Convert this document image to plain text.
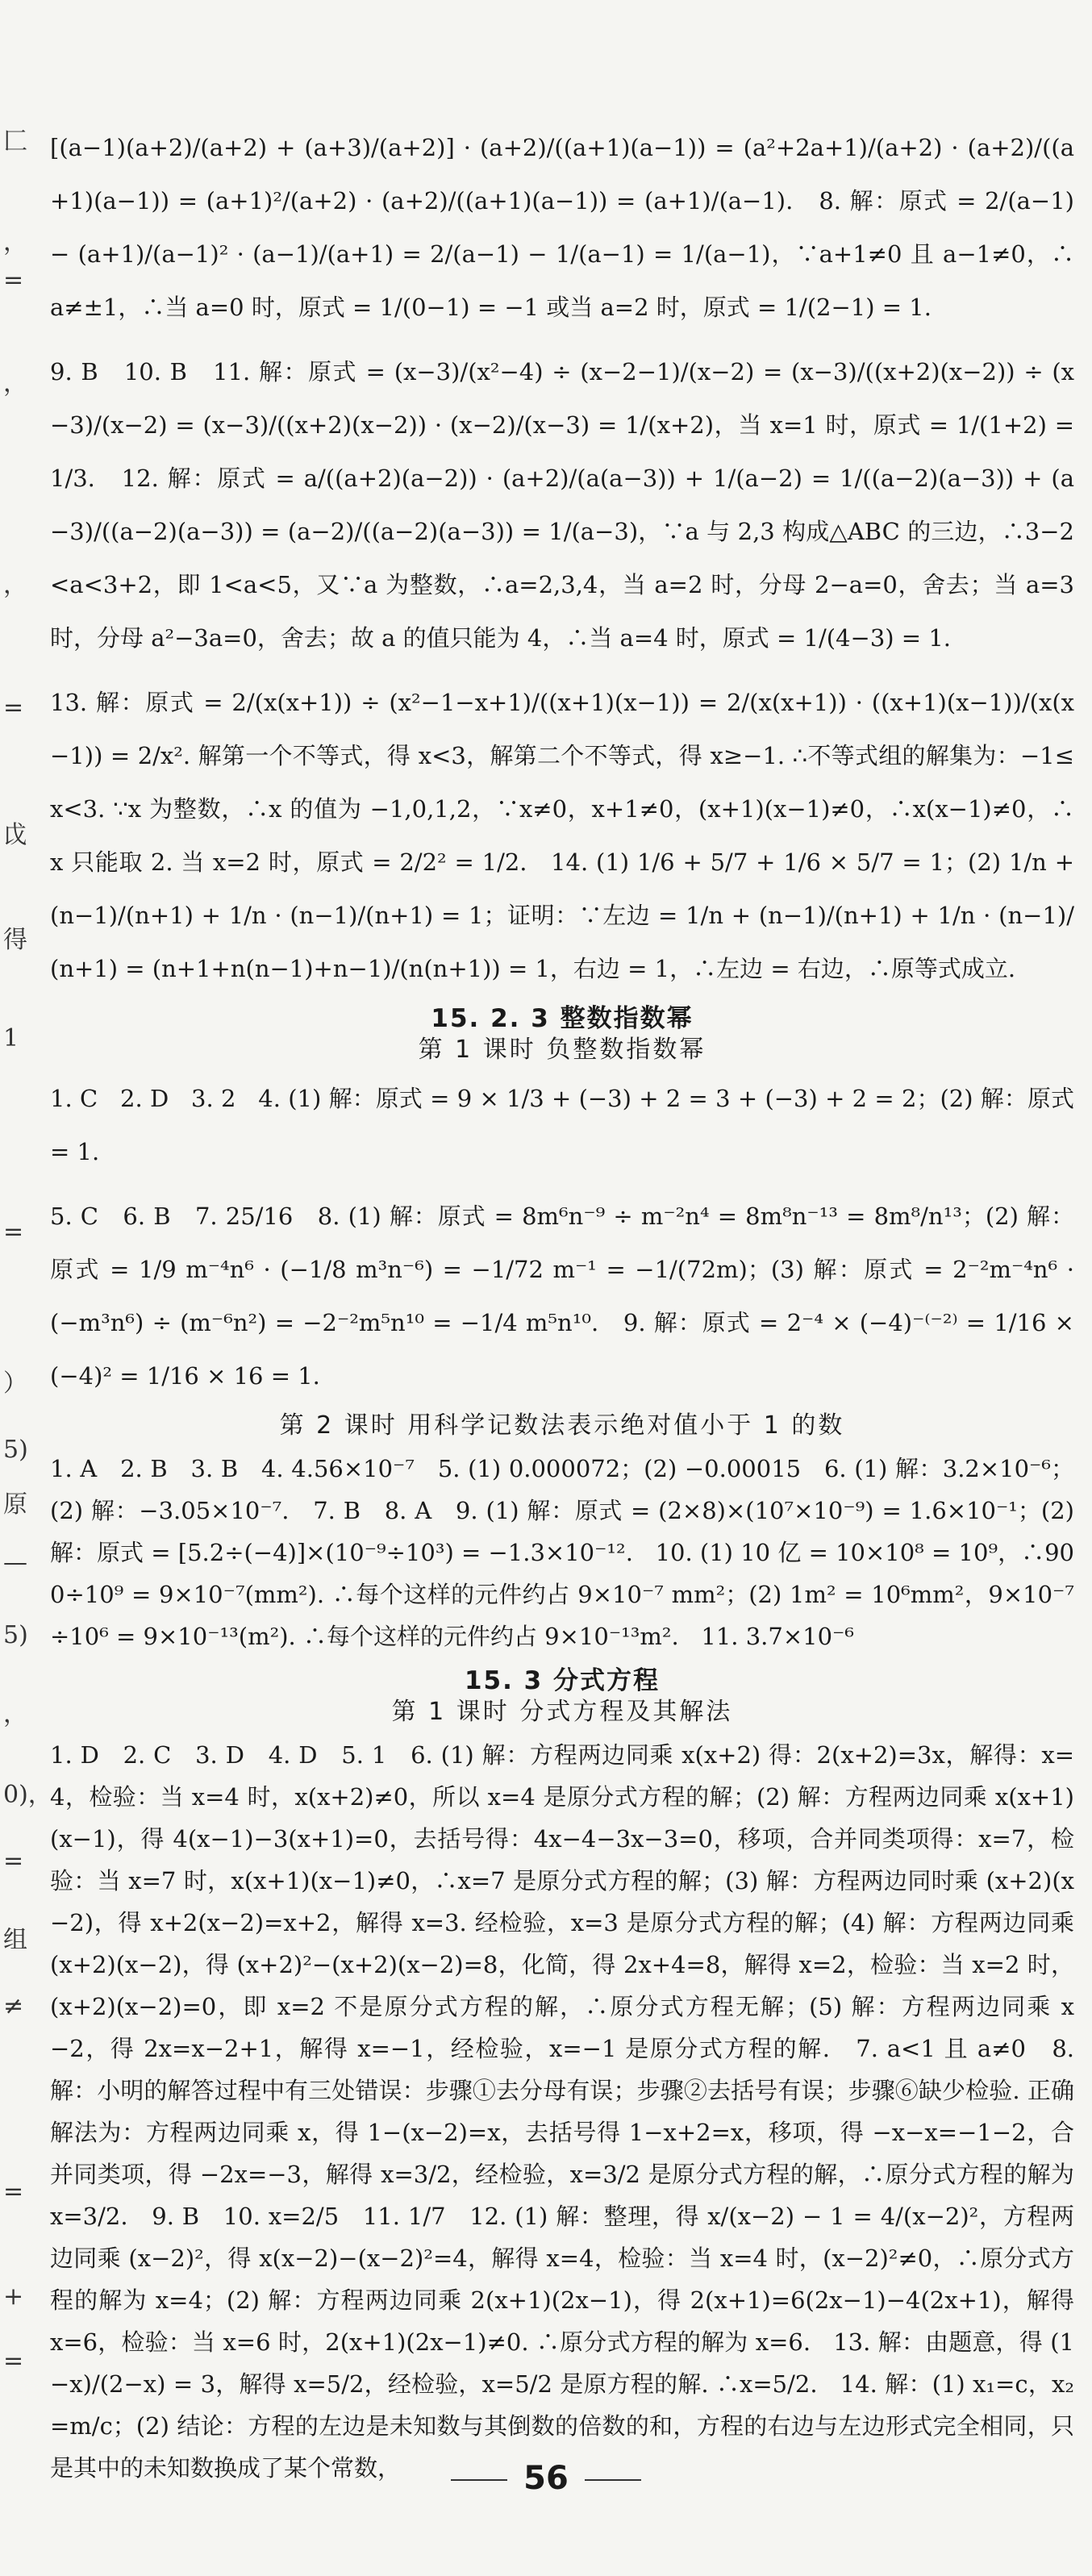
匚
，
=
，
，
=
戉
得
1
=
）
5)
原
—
5)
，
0)，
=
组
≠
=
+
=

[(a−1)(a+2)/(a+2) + (a+3)/(a+2)] · (a+2)/((a+1)(a−1)) = (a²+2a+1)/(a+2) · (a+2)/((a+1)(a−1)) = (a+1)²/(a+2) · (a+2)/((a+1)(a−1)) = (a+1)/(a−1).   8. 解：原式 = 2/(a−1) − (a+1)/(a−1)² · (a−1)/(a+1) = 2/(a−1) − 1/(a−1) = 1/(a−1)，∵a+1≠0 且 a−1≠0，∴a≠±1，∴当 a=0 时，原式 = 1/(0−1) = −1 或当 a=2 时，原式 = 1/(2−1) = 1.

9. B   10. B   11. 解：原式 = (x−3)/(x²−4) ÷ (x−2−1)/(x−2) = (x−3)/((x+2)(x−2)) ÷ (x−3)/(x−2) = (x−3)/((x+2)(x−2)) · (x−2)/(x−3) = 1/(x+2)，当 x=1 时，原式 = 1/(1+2) = 1/3.   12. 解：原式 = a/((a+2)(a−2)) · (a+2)/(a(a−3)) + 1/(a−2) = 1/((a−2)(a−3)) + (a−3)/((a−2)(a−3)) = (a−2)/((a−2)(a−3)) = 1/(a−3)，∵a 与 2,3 构成△ABC 的三边，∴3−2<a<3+2，即 1<a<5，又∵a 为整数，∴a=2,3,4，当 a=2 时，分母 2−a=0，舍去；当 a=3 时，分母 a²−3a=0，舍去；故 a 的值只能为 4，∴当 a=4 时，原式 = 1/(4−3) = 1.

13. 解：原式 = 2/(x(x+1)) ÷ (x²−1−x+1)/((x+1)(x−1)) = 2/(x(x+1)) · ((x+1)(x−1))/(x(x−1)) = 2/x². 解第一个不等式，得 x<3，解第二个不等式，得 x≥−1. ∴不等式组的解集为：−1≤x<3. ∵x 为整数，∴x 的值为 −1,0,1,2，∵x≠0，x+1≠0，(x+1)(x−1)≠0，∴x(x−1)≠0，∴x 只能取 2. 当 x=2 时，原式 = 2/2² = 1/2.   14. (1) 1/6 + 5/7 + 1/6 × 5/7 = 1；(2) 1/n + (n−1)/(n+1) + 1/n · (n−1)/(n+1) = 1；证明：∵左边 = 1/n + (n−1)/(n+1) + 1/n · (n−1)/(n+1) = (n+1+n(n−1)+n−1)/(n(n+1)) = 1，右边 = 1，∴左边 = 右边，∴原等式成立.

15. 2. 3 整数指数幂
第 1 课时 负整数指数幂

1. C   2. D   3. 2   4. (1) 解：原式 = 9 × 1/3 + (−3) + 2 = 3 + (−3) + 2 = 2；(2) 解：原式 = 1.

5. C   6. B   7. 25/16   8. (1) 解：原式 = 8m⁶n⁻⁹ ÷ m⁻²n⁴ = 8m⁸n⁻¹³ = 8m⁸/n¹³；(2) 解：原式 = 1/9 m⁻⁴n⁶ · (−1/8 m³n⁻⁶) = −1/72 m⁻¹ = −1/(72m)；(3) 解：原式 = 2⁻²m⁻⁴n⁶ · (−m³n⁶) ÷ (m⁻⁶n²) = −2⁻²m⁵n¹⁰ = −1/4 m⁵n¹⁰.   9. 解：原式 = 2⁻⁴ × (−4)⁻⁽⁻²⁾ = 1/16 × (−4)² = 1/16 × 16 = 1.

第 2 课时 用科学记数法表示绝对值小于 1 的数

1. A   2. B   3. B   4. 4.56×10⁻⁷   5. (1) 0.000072；(2) −0.00015   6. (1) 解：3.2×10⁻⁶；(2) 解：−3.05×10⁻⁷.   7. B   8. A   9. (1) 解：原式 = (2×8)×(10⁷×10⁻⁹) = 1.6×10⁻¹；(2) 解：原式 = [5.2÷(−4)]×(10⁻⁹÷10³) = −1.3×10⁻¹².   10. (1) 10 亿 = 10×10⁸ = 10⁹，∴900÷10⁹ = 9×10⁻⁷(mm²). ∴每个这样的元件约占 9×10⁻⁷ mm²；(2) 1m² = 10⁶mm²，9×10⁻⁷÷10⁶ = 9×10⁻¹³(m²). ∴每个这样的元件约占 9×10⁻¹³m².   11. 3.7×10⁻⁶

15. 3 分式方程
第 1 课时 分式方程及其解法

1. D   2. C   3. D   4. D   5. 1   6. (1) 解：方程两边同乘 x(x+2) 得：2(x+2)=3x，解得：x=4，检验：当 x=4 时，x(x+2)≠0，所以 x=4 是原分式方程的解；(2) 解：方程两边同乘 x(x+1)(x−1)，得 4(x−1)−3(x+1)=0，去括号得：4x−4−3x−3=0，移项，合并同类项得：x=7，检验：当 x=7 时，x(x+1)(x−1)≠0，∴x=7 是原分式方程的解；(3) 解：方程两边同时乘 (x+2)(x−2)，得 x+2(x−2)=x+2，解得 x=3. 经检验，x=3 是原分式方程的解；(4) 解：方程两边同乘 (x+2)(x−2)，得 (x+2)²−(x+2)(x−2)=8，化简，得 2x+4=8，解得 x=2，检验：当 x=2 时，(x+2)(x−2)=0，即 x=2 不是原分式方程的解，∴原分式方程无解；(5) 解：方程两边同乘 x−2，得 2x=x−2+1，解得 x=−1，经检验，x=−1 是原分式方程的解.   7. a<1 且 a≠0   8. 解：小明的解答过程中有三处错误：步骤①去分母有误；步骤②去括号有误；步骤⑥缺少检验. 正确解法为：方程两边同乘 x，得 1−(x−2)=x，去括号得 1−x+2=x，移项，得 −x−x=−1−2，合并同类项，得 −2x=−3，解得 x=3/2，经检验，x=3/2 是原分式方程的解，∴原分式方程的解为 x=3/2.   9. B   10. x=2/5   11. 1/7   12. (1) 解：整理，得 x/(x−2) − 1 = 4/(x−2)²，方程两边同乘 (x−2)²，得 x(x−2)−(x−2)²=4，解得 x=4，检验：当 x=4 时，(x−2)²≠0，∴原分式方程的解为 x=4；(2) 解：方程两边同乘 2(x+1)(2x−1)，得 2(x+1)=6(2x−1)−4(2x+1)，解得 x=6，检验：当 x=6 时，2(x+1)(2x−1)≠0. ∴原分式方程的解为 x=6.   13. 解：由题意，得 (1−x)/(2−x) = 3，解得 x=5/2，经检验，x=5/2 是原方程的解. ∴x=5/2.   14. 解：(1) x₁=c，x₂=m/c；(2) 结论：方程的左边是未知数与其倒数的倍数的和，方程的右边与左边形式完全相同，只是其中的未知数换成了某个常数，	56
